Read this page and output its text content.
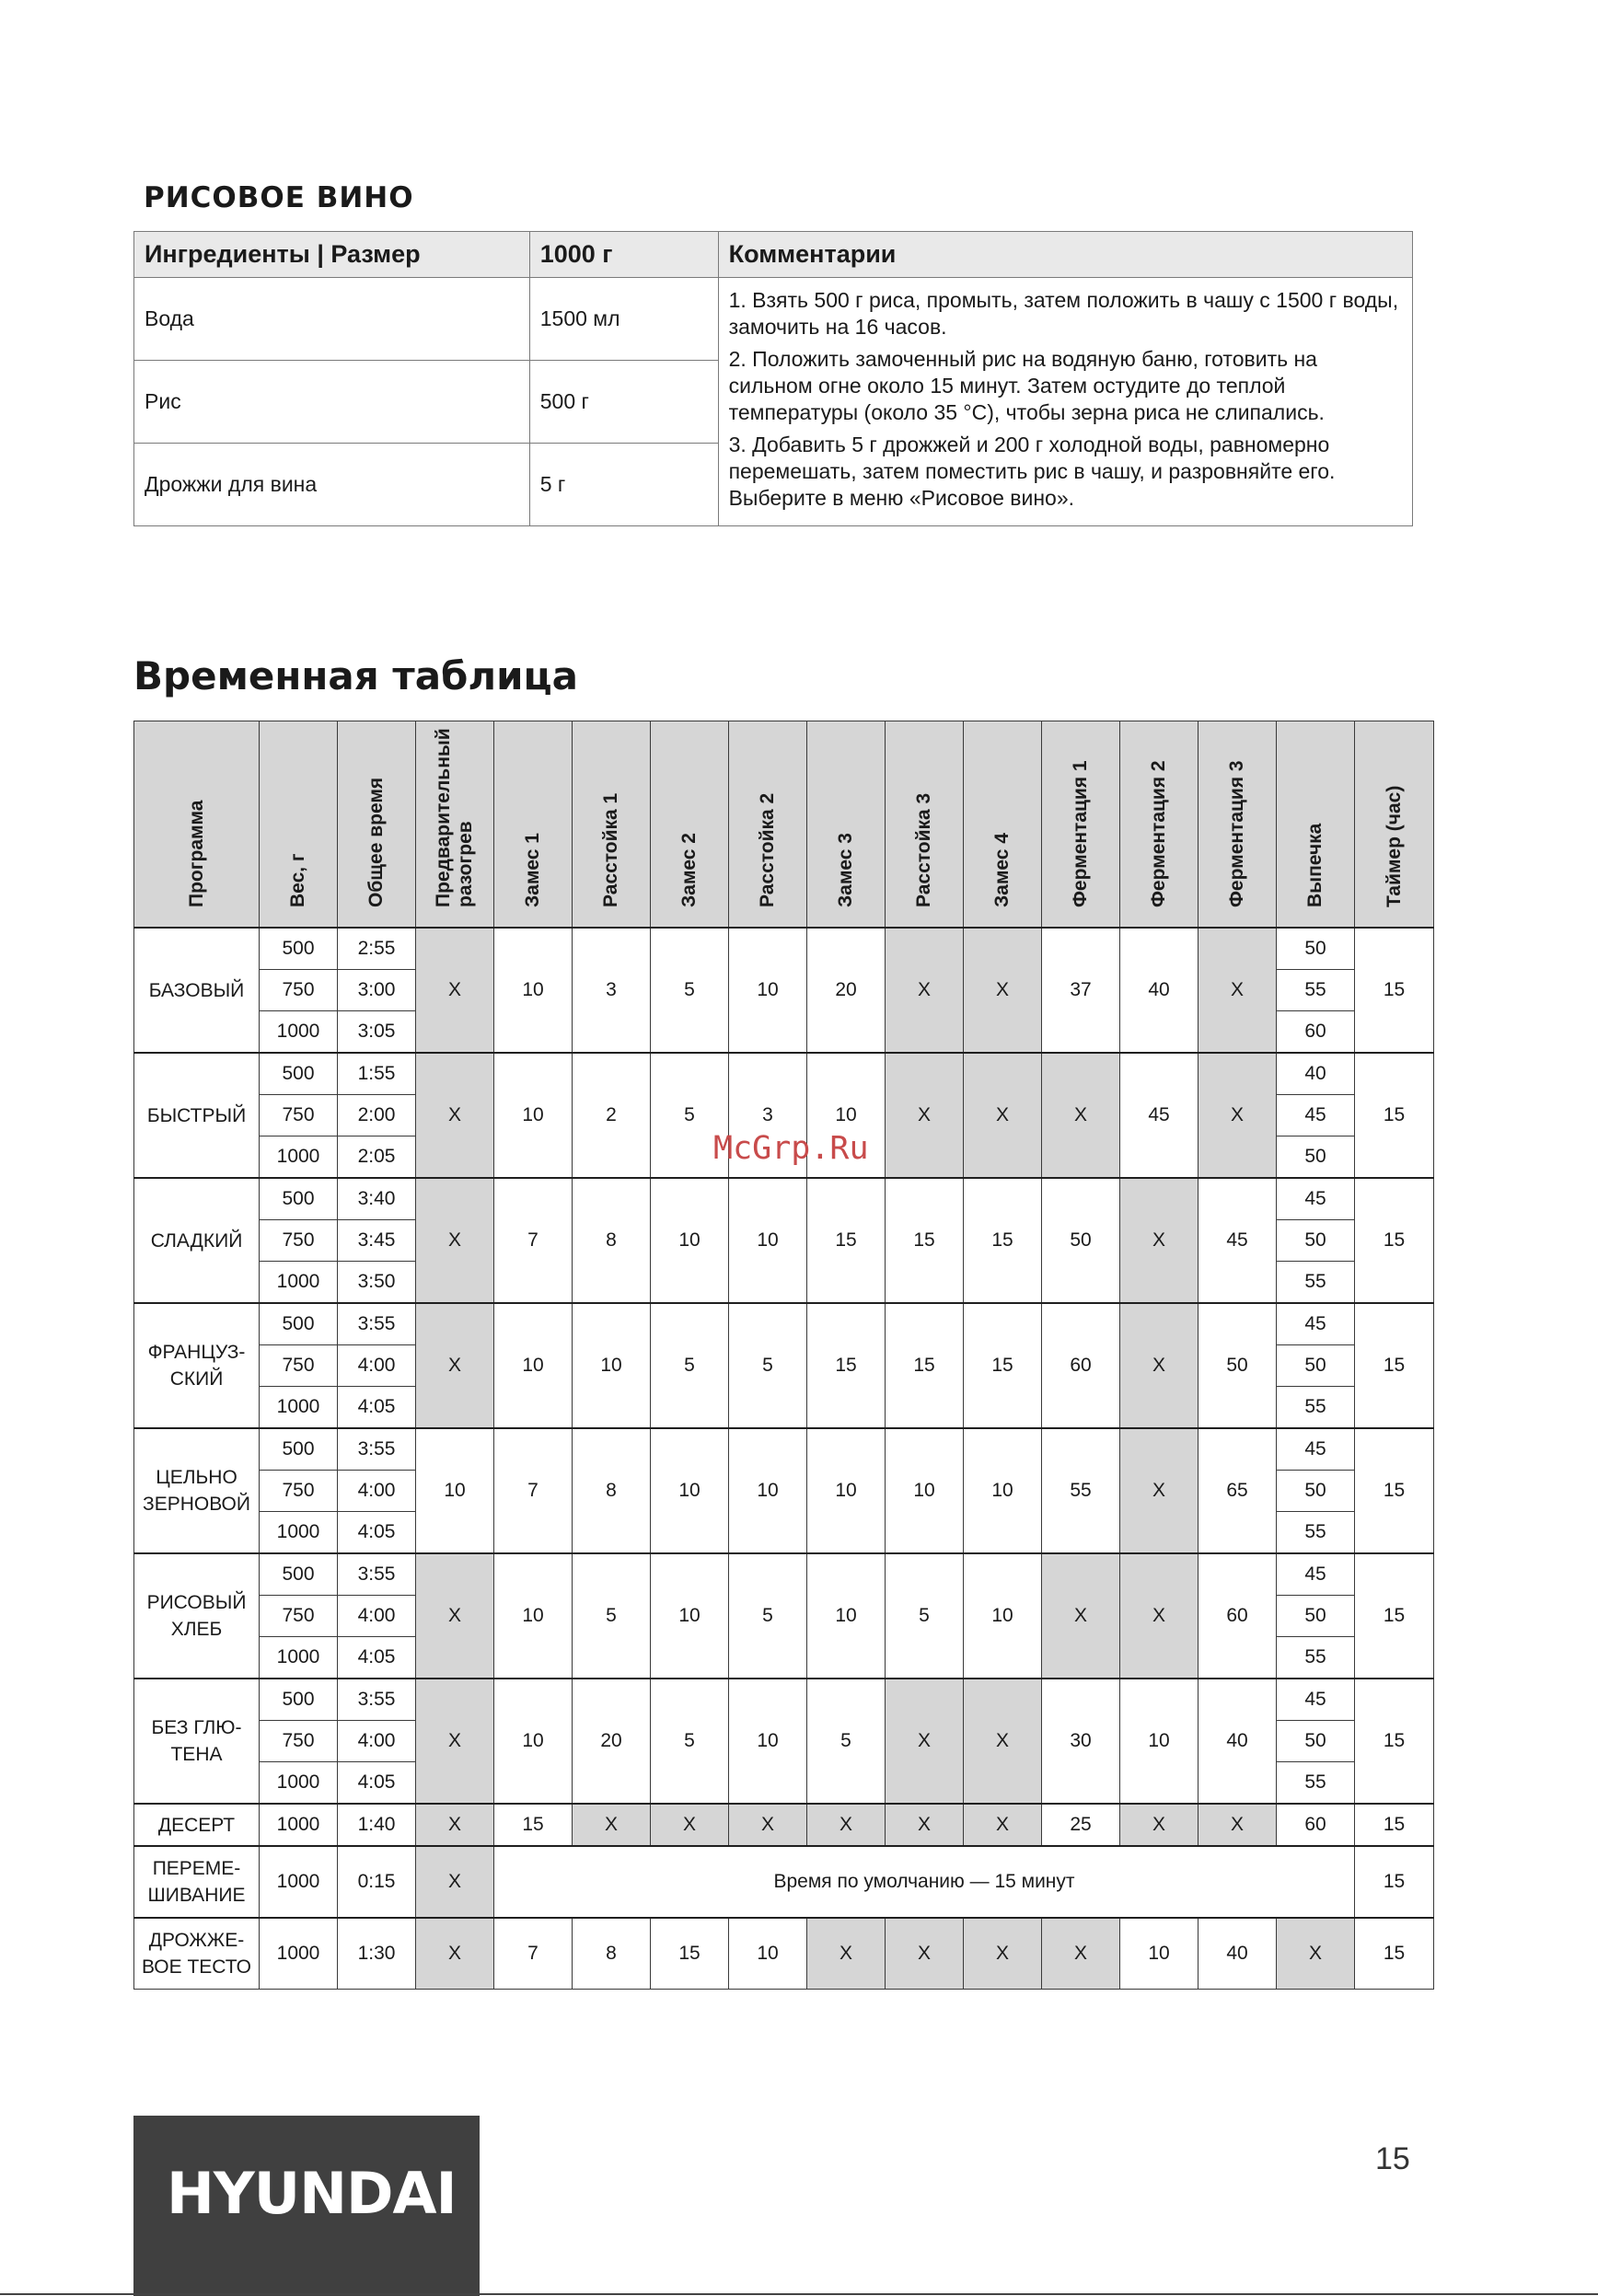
РИСОВОЕ ВИНО
Ингредиенты | Размер	1000 г	Комментарии
Вода	1500 мл	1. Взять 500 г риса, промыть, затем положить в чашу с 1500 г воды, замочить на 16 часов.

2. Положить замоченный рис на водяную баню, готовить на сильном огне около 15 минут. Затем остудите до теплой температуры (около 35 °C), чтобы зерна риса не слипались.

3. Добавить 5 г дрожжей и 200 г холодной воды, равномерно перемешать, затем поместить рис в чашу, и разровняйте его. Выберите в меню «Рисовое вино».

Рис	500 г	
Дрожжи для вина	5 г	
Временная таблица
Программа	Вес, г	Общее время	Предварительный разогрев	Замес 1	Расстойка 1	Замес 2	Расстойка 2	Замес 3	Расстойка 3	Замес 4	Ферментация 1	Ферментация 2	Ферментация 3	Выпечка	Таймер (час)
БАЗОВЫЙ	500	2:55	X	10	3	5	10	20	X	X	37	40	X	50	15
	750	3:00												55	
	1000	3:05												60	
БЫСТРЫЙ	500	1:55	X	10	2	5	3	10	X	X	X	45	X	40	15
	750	2:00												45	
	1000	2:05												50	
СЛАДКИЙ	500	3:40	X	7	8	10	10	15	15	15	50	X	45	45	15
	750	3:45												50	
	1000	3:50												55	
ФРАНЦУЗ-СКИЙ	500	3:55	X	10	10	5	5	15	15	15	60	X	50	45	15
	750	4:00												50	
	1000	4:05												55	
ЦЕЛЬНО ЗЕРНОВОЙ	500	3:55	10	7	8	10	10	10	10	10	55	X	65	45	15
	750	4:00												50	
	1000	4:05												55	
РИСОВЫЙ ХЛЕБ	500	3:55	X	10	5	10	5	10	5	10	X	X	60	45	15
	750	4:00												50	
	1000	4:05												55	
БЕЗ ГЛЮ-ТЕНА	500	3:55	X	10	20	5	10	5	X	X	30	10	40	45	15
	750	4:00												50	
	1000	4:05												55	
ДЕСЕРТ	1000	1:40	X	15	X	X	X	X	X	X	25	X	X	60	15
ПЕРЕМЕ-ШИВАНИЕ	1000	0:15	X	Время по умолчанию — 15 минут											15
ДРОЖЖЕ-ВОЕ ТЕСТО	1000	1:30	X	7	8	15	10	X	X	X	X	10	40	X	15
McGrp.Ru
HYUNDAI
15
